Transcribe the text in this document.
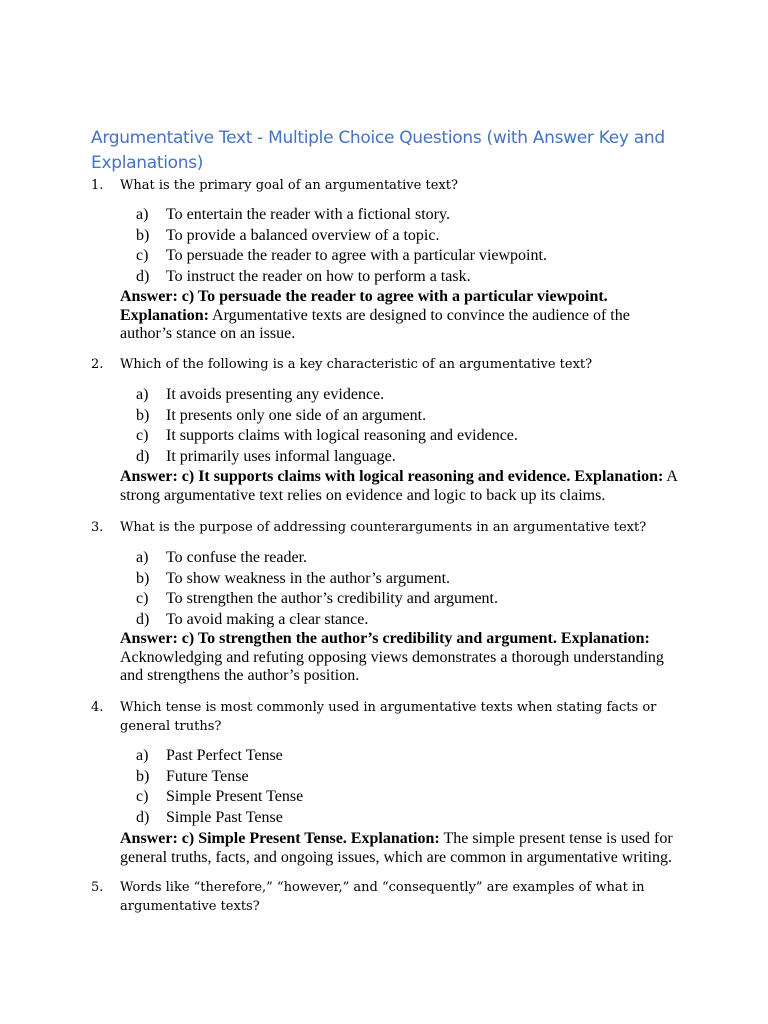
Argumentative Text - Multiple Choice Questions (with Answer Key and Explanations)
1. What is the primary goal of an argumentative text?

a) To entertain the reader with a fictional story.
b) To provide a balanced overview of a topic.
c) To persuade the reader to agree with a particular viewpoint.
d) To instruct the reader on how to perform a task.

Answer: c) To persuade the reader to agree with a particular viewpoint.
Explanation: Argumentative texts are designed to convince the audience of the author’s stance on an issue.

2. Which of the following is a key characteristic of an argumentative text?

a) It avoids presenting any evidence.
b) It presents only one side of an argument.
c) It supports claims with logical reasoning and evidence.
d) It primarily uses informal language.

Answer: c) It supports claims with logical reasoning and evidence. Explanation: A strong argumentative text relies on evidence and logic to back up its claims.

3. What is the purpose of addressing counterarguments in an argumentative text?

a) To confuse the reader.
b) To show weakness in the author’s argument.
c) To strengthen the author’s credibility and argument.
d) To avoid making a clear stance.

Answer: c) To strengthen the author’s credibility and argument. Explanation: Acknowledging and refuting opposing views demonstrates a thorough understanding and strengthens the author’s position.

4. Which tense is most commonly used in argumentative texts when stating facts or general truths?

a) Past Perfect Tense
b) Future Tense
c) Simple Present Tense
d) Simple Past Tense

Answer: c) Simple Present Tense. Explanation: The simple present tense is used for general truths, facts, and ongoing issues, which are common in argumentative writing.

5. Words like “therefore,” “however,” and “consequently” are examples of what in argumentative texts?
